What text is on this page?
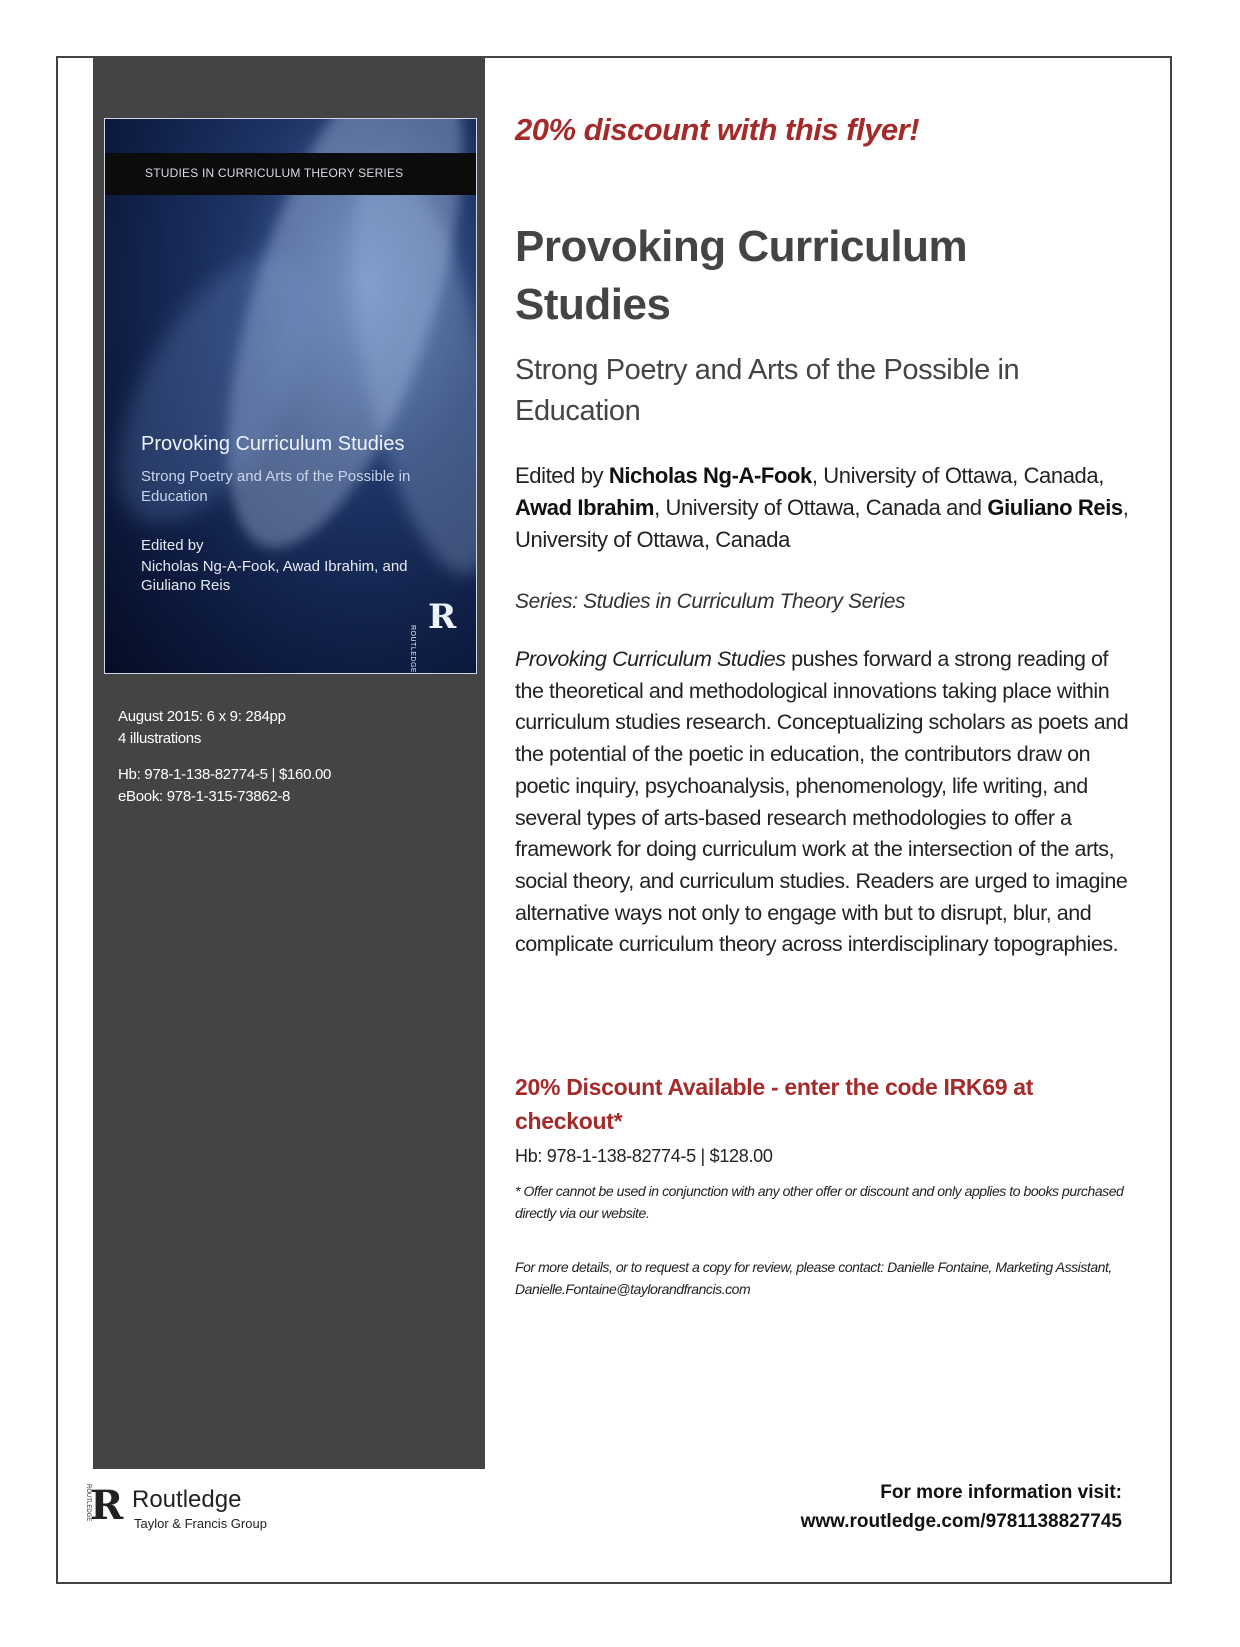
STUDIES IN CURRICULUM THEORY SERIES
Provoking Curriculum Studies
Strong Poetry and Arts of the Possible in Education
Edited by
Nicholas Ng-A-Fook, Awad Ibrahim, and Giuliano Reis
R
ROUTLEDGE
August 2015: 6 x 9: 284pp
4 illustrations
Hb: 978-1-138-82774-5 | $160.00
eBook: 978-1-315-73862-8
20% discount with this flyer!
Provoking Curriculum Studies
Strong Poetry and Arts of the Possible in Education
Edited by Nicholas Ng-A-Fook, University of Ottawa, Canada, Awad Ibrahim, University of Ottawa, Canada and Giuliano Reis, University of Ottawa, Canada
Series: Studies in Curriculum Theory Series
Provoking Curriculum Studies pushes forward a strong reading of the theoretical and methodological innovations taking place within curriculum studies research. Conceptualizing scholars as poets and the potential of the poetic in education, the contributors draw on poetic inquiry, psychoanalysis, phenomenology, life writing, and several types of arts-based research methodologies to offer a framework for doing curriculum work at the intersection of the arts, social theory, and curriculum studies. Readers are urged to imagine alternative ways not only to engage with but to disrupt, blur, and complicate curriculum theory across interdisciplinary topographies.
20% Discount Available - enter the code IRK69 at checkout*
Hb: 978-1-138-82774-5 | $128.00
* Offer cannot be used in conjunction with any other offer or discount and only applies to books purchased directly via our website.
For more details, or to request a copy for review, please contact: Danielle Fontaine, Marketing Assistant, Danielle.Fontaine@taylorandfrancis.com
R
ROUTLEDGE Routledge
Taylor & Francis Group
For more information visit:
www.routledge.com/9781138827745
